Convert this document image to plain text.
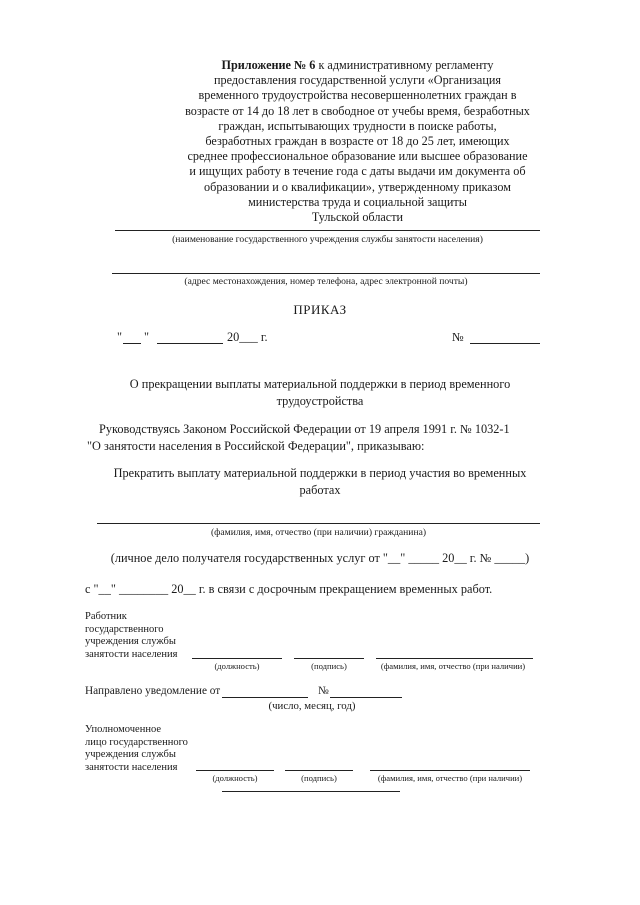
Приложение № 6 к административному регламенту
предоставления государственной услуги «Организация
временного трудоустройства несовершеннолетних граждан в
возрасте от 14 до 18 лет в свободное от учебы время, безработных
граждан, испытывающих трудности в поиске работы,
безработных граждан в возрасте от 18 до 25 лет, имеющих
среднее профессиональное образование или высшее образование
и ищущих работу в течение года с даты выдачи им документа об
образовании и о квалификации», утвержденному приказом
министерства труда и социальной защиты
Тульской области
(наименование государственного учреждения службы занятости населения)
(адрес местонахождения, номер телефона, адрес электронной почты)
ПРИКАЗ
" "	20___ г.	№
О прекращении выплаты материальной поддержки в период временного
трудоустройства
Руководствуясь Законом Российской Федерации от 19 апреля 1991 г. № 1032-1
"О занятости населения в Российской Федерации", приказываю:
Прекратить выплату материальной поддержки в период участия во временных
работах
(фамилия, имя, отчество (при наличии) гражданина)
(личное дело получателя государственных услуг от "__" _____ 20__ г. № _____)
с "__" ________ 20__ г. в связи с досрочным прекращением временных работ.
Работник
государственного
учреждения службы
занятости населения
(должность)	(подпись)	(фамилия, имя, отчество (при наличии)
Направлено уведомление от	№
(число, месяц, год)
Уполномоченное
лицо государственного
учреждения службы
занятости населения
(должность)	(подпись)	(фамилия, имя, отчество (при наличии)
